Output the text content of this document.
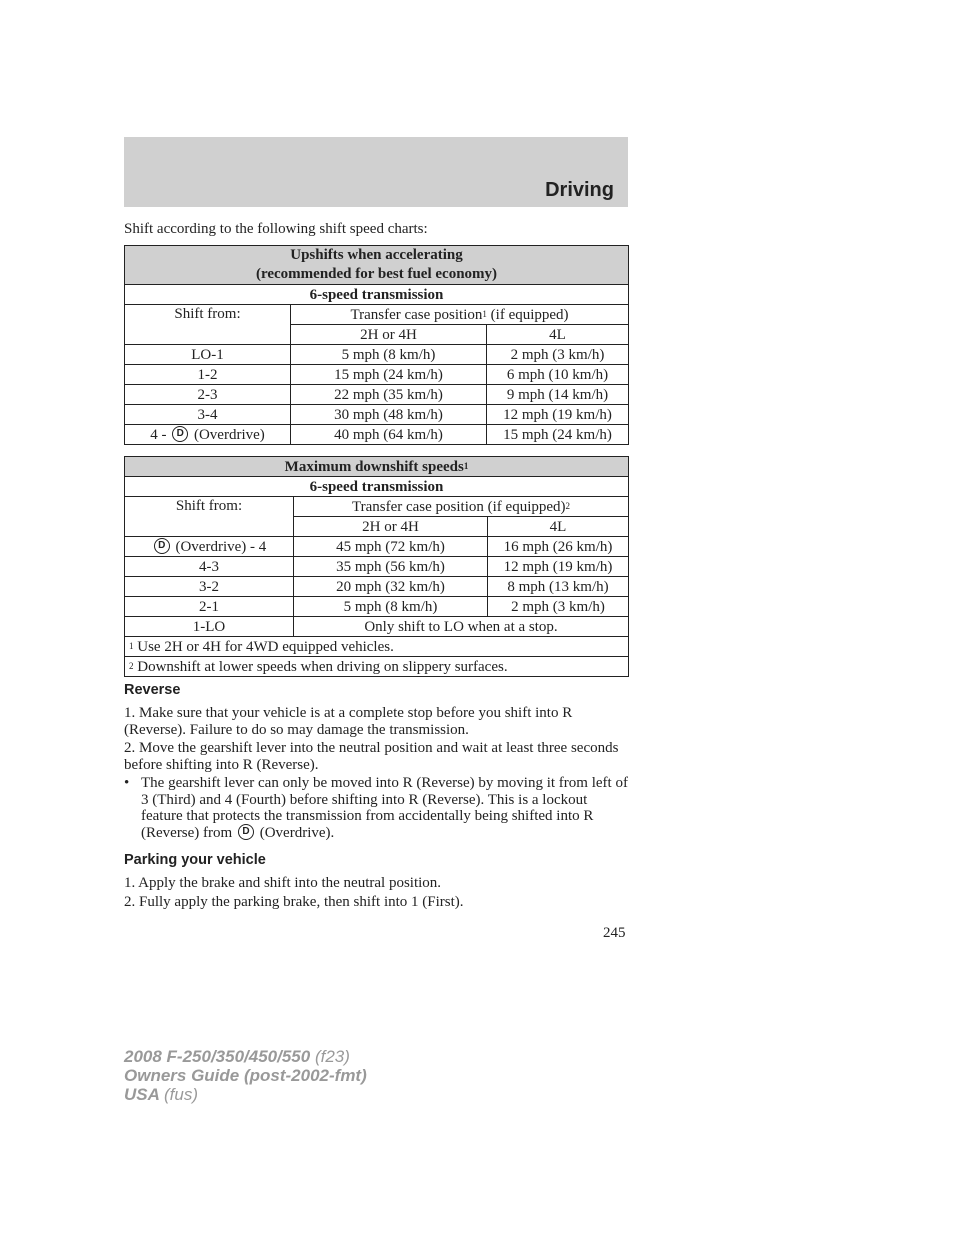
Driving
Shift according to the following shift speed charts:
Upshifts when accelerating
(recommended for best fuel economy)		
6-speed transmission		
Shift from:	Transfer case position$^1$ (if equipped)	
	2H or 4H	4L
LO-1	5 mph (8 km/h)	2 mph (3 km/h)
1-2	15 mph (24 km/h)	6 mph (10 km/h)
2-3	22 mph (35 km/h)	9 mph (14 km/h)
3-4	30 mph (48 km/h)	12 mph (19 km/h)
4 - D (Overdrive)	40 mph (64 km/h)	15 mph (24 km/h)
Maximum downshift speeds$^1$
6-speed transmission		
Shift from:	Transfer case position (if equipped)$^2$
	2H or 4H	4L
D (Overdrive) - 4	45 mph (72 km/h)	16 mph (26 km/h)
4-3	35 mph (56 km/h)	12 mph (19 km/h)
3-2	20 mph (32 km/h)	8 mph (13 km/h)
2-1	5 mph (8 km/h)	2 mph (3 km/h)
1-LO	Only shift to LO when at a stop.	
$^1$ Use 2H or 4H for 4WD equipped vehicles.		
$^2$ Downshift at lower speeds when driving on slippery surfaces.		
Reverse
1. Make sure that your vehicle is at a complete stop before you shift into R (Reverse). Failure to do so may damage the transmission.
2. Move the gearshift lever into the neutral position and wait at least three seconds before shifting into R (Reverse).
• The gearshift lever can only be moved into R (Reverse) by moving it from left of 3 (Third) and 4 (Fourth) before shifting into R (Reverse). This is a lockout feature that protects the transmission from accidentally being shifted into R (Reverse) from D (Overdrive).
Parking your vehicle
1. Apply the brake and shift into the neutral position.
2. Fully apply the parking brake, then shift into 1 (First).
245
2008 F-250/350/450/550 (f23)
Owners Guide (post-2002-fmt)
USA (fus)
